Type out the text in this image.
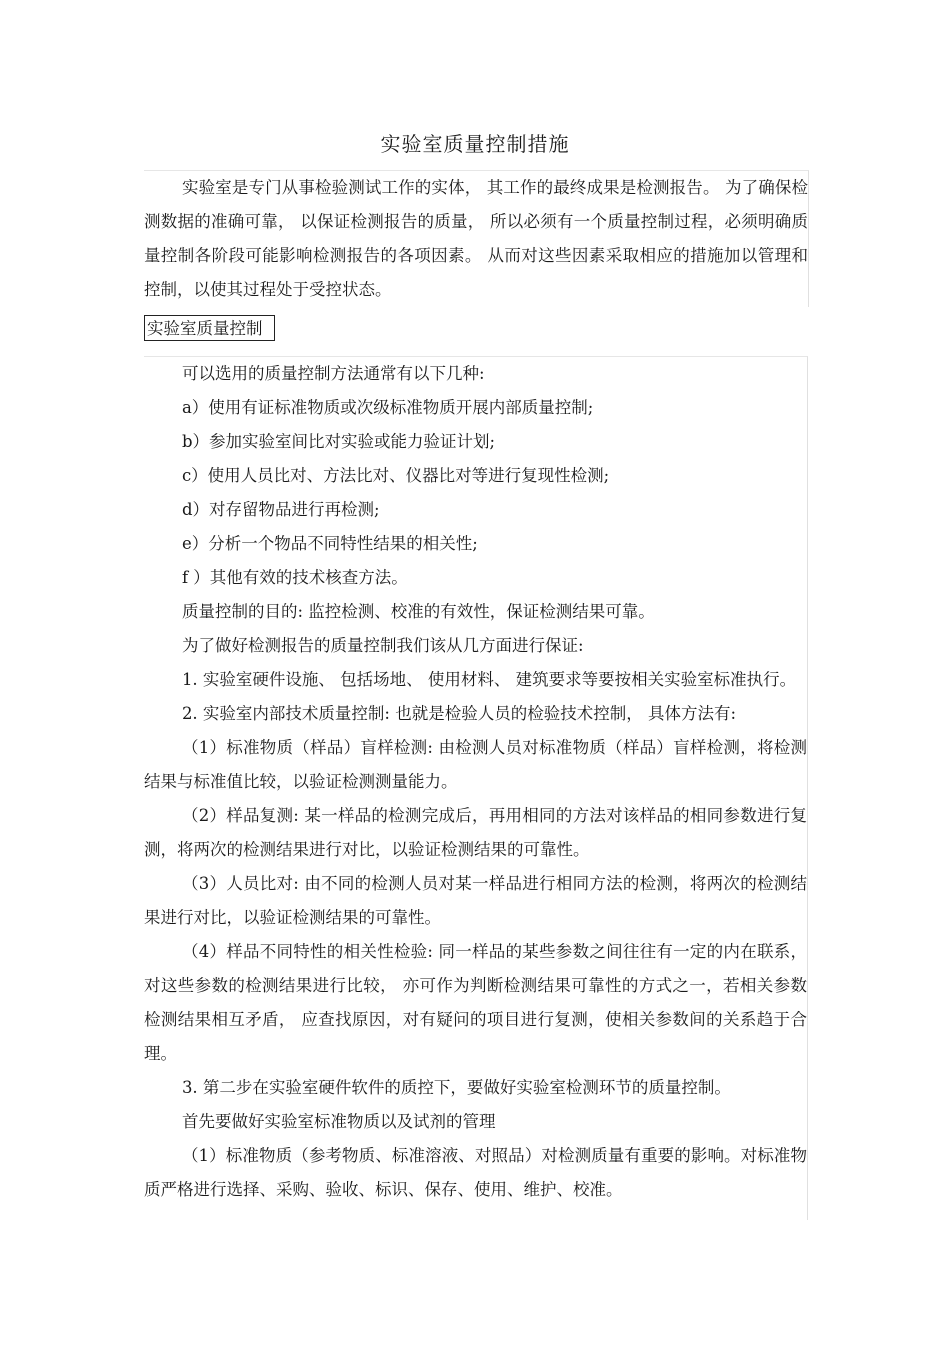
实验室质量控制措施

实验室是专门从事检验测试工作的实体， 其工作的最终成果是检测报告。 为了确保检测数据的准确可靠， 以保证检测报告的质量， 所以必须有一个质量控制过程，必须明确质量控制各阶段可能影响检测报告的各项因素。 从而对这些因素采取相应的措施加以管理和控制，以使其过程处于受控状态。

实验室质量控制

可以选用的质量控制方法通常有以下几种:

a）使用有证标准物质或次级标准物质开展内部质量控制;

b）参加实验室间比对实验或能力验证计划;

c）使用人员比对、方法比对、仪器比对等进行复现性检测;

d）对存留物品进行再检测;

e）分析一个物品不同特性结果的相关性;

f ）其他有效的技术核查方法。

质量控制的目的: 监控检测、校准的有效性，保证检测结果可靠。

为了做好检测报告的质量控制我们该从几方面进行保证:

1. 实验室硬件设施、 包括场地、 使用材料、 建筑要求等要按相关实验室标准执行。

2. 实验室内部技术质量控制: 也就是检验人员的检验技术控制， 具体方法有:

（1）标准物质（样品）盲样检测: 由检测人员对标准物质（样品）盲样检测，将检测结果与标准值比较，以验证检测测量能力。

（2）样品复测: 某一样品的检测完成后，再用相同的方法对该样品的相同参数进行复测，将两次的检测结果进行对比，以验证检测结果的可靠性。

（3）人员比对: 由不同的检测人员对某一样品进行相同方法的检测，将两次的检测结果进行对比，以验证检测结果的可靠性。

（4）样品不同特性的相关性检验: 同一样品的某些参数之间往往有一定的内在联系，对这些参数的检测结果进行比较， 亦可作为判断检测结果可靠性的方式之一，若相关参数检测结果相互矛盾， 应查找原因，对有疑问的项目进行复测，使相关参数间的关系趋于合理。

3. 第二步在实验室硬件软件的质控下，要做好实验室检测环节的质量控制。

首先要做好实验室标准物质以及试剂的管理

（1）标准物质（参考物质、标准溶液、对照品）对检测质量有重要的影响。对标准物质严格进行选择、采购、验收、标识、保存、使用、维护、校准。
